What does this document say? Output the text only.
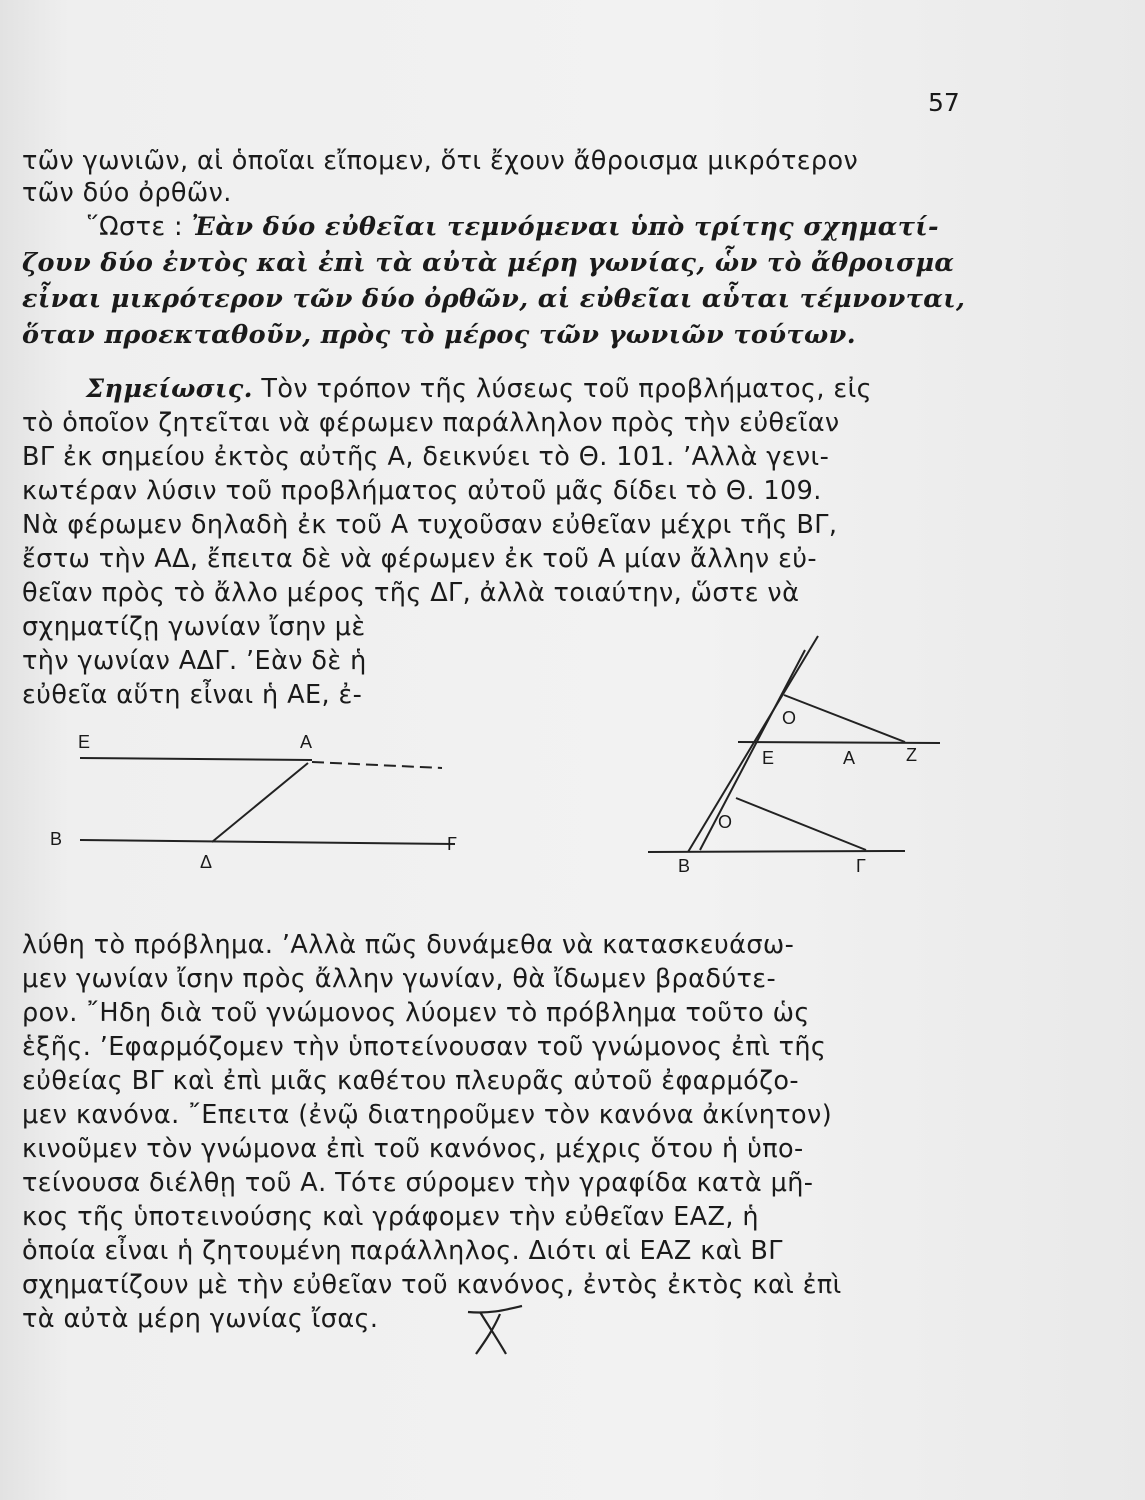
57
τῶν γωνιῶν, αἱ ὁποῖαι εἴπομεν, ὅτι ἔχουν ἄθροισμα μικρότερον
τῶν δύο ὀρθῶν.
῞Ωστε : Ἐὰν δύο εὐθεῖαι τεμνόμεναι ὑπὸ τρίτης σχηματί-
ζουν δύο ἐντὸς καὶ ἐπὶ τὰ αὐτὰ μέρη γωνίας, ὧν τὸ ἄθροισμα
εἶναι μικρότερον τῶν δύο ὀρθῶν, αἱ εὐθεῖαι αὗται τέμνονται,
ὅταν προεκταθοῦν, πρὸς τὸ μέρος τῶν γωνιῶν τούτων.
Σημείωσις. Τὸν τρόπον τῆς λύσεως τοῦ προβλήματος, εἰς
τὸ ὁποῖον ζητεῖται νὰ φέρωμεν παράλληλον πρὸς τὴν εὐθεῖαν
ΒΓ ἐκ σημείου ἐκτὸς αὐτῆς Α, δεικνύει τὸ Θ. 101. ’Αλλὰ γενι-
κωτέραν λύσιν τοῦ προβλήματος αὐτοῦ μᾶς δίδει τὸ Θ. 109.
Νὰ φέρωμεν δηλαδὴ ἐκ τοῦ Α τυχοῦσαν εὐθεῖαν μέχρι τῆς ΒΓ,
ἔστω τὴν ΑΔ, ἔπειτα δὲ νὰ φέρωμεν ἐκ τοῦ Α μίαν ἄλλην εὐ-
θεῖαν πρὸς τὸ ἄλλο μέρος τῆς ΔΓ, ἀλλὰ τοιαύτην, ὥστε νὰ
σχηματίζῃ γωνίαν ἴσην μὲ
τὴν γωνίαν ΑΔΓ. ’Εὰν δὲ ἡ
εὐθεῖα αὕτη εἶναι ἡ ΑΕ, ἐ-
Ε	Α
Β
Δ
Γ
Ο
Ε	Α	Ζ
Ο
Β	Γ
λύθη τὸ πρόβλημα. ’Αλλὰ πῶς δυνάμεθα νὰ κατασκευάσω-
μεν γωνίαν ἴσην πρὸς ἄλλην γωνίαν, θὰ ἴδωμεν βραδύτε-
ρον. ῎Ηδη διὰ τοῦ γνώμονος λύομεν τὸ πρόβλημα τοῦτο ὡς
ἑξῆς. ’Εφαρμόζομεν τὴν ὑποτείνουσαν τοῦ γνώμονος ἐπὶ τῆς
εὐθείας ΒΓ καὶ ἐπὶ μιᾶς καθέτου πλευρᾶς αὐτοῦ ἐφαρμόζο-
μεν κανόνα. ῎Επειτα (ἐνῷ διατηροῦμεν τὸν κανόνα ἀκίνητον)
κινοῦμεν τὸν γνώμονα ἐπὶ τοῦ κανόνος, μέχρις ὅτου ἡ ὑπο-
τείνουσα διέλθῃ τοῦ Α. Τότε σύρομεν τὴν γραφίδα κατὰ μῆ-
κος τῆς ὑποτεινούσης καὶ γράφομεν τὴν εὐθεῖαν ΕΑΖ, ἡ
ὁποία εἶναι ἡ ζητουμένη παράλληλος. Διότι αἱ ΕΑΖ καὶ ΒΓ
σχηματίζουν μὲ τὴν εὐθεῖαν τοῦ κανόνος, ἐντὸς ἐκτὸς καὶ ἐπὶ
τὰ αὐτὰ μέρη γωνίας ἴσας.
